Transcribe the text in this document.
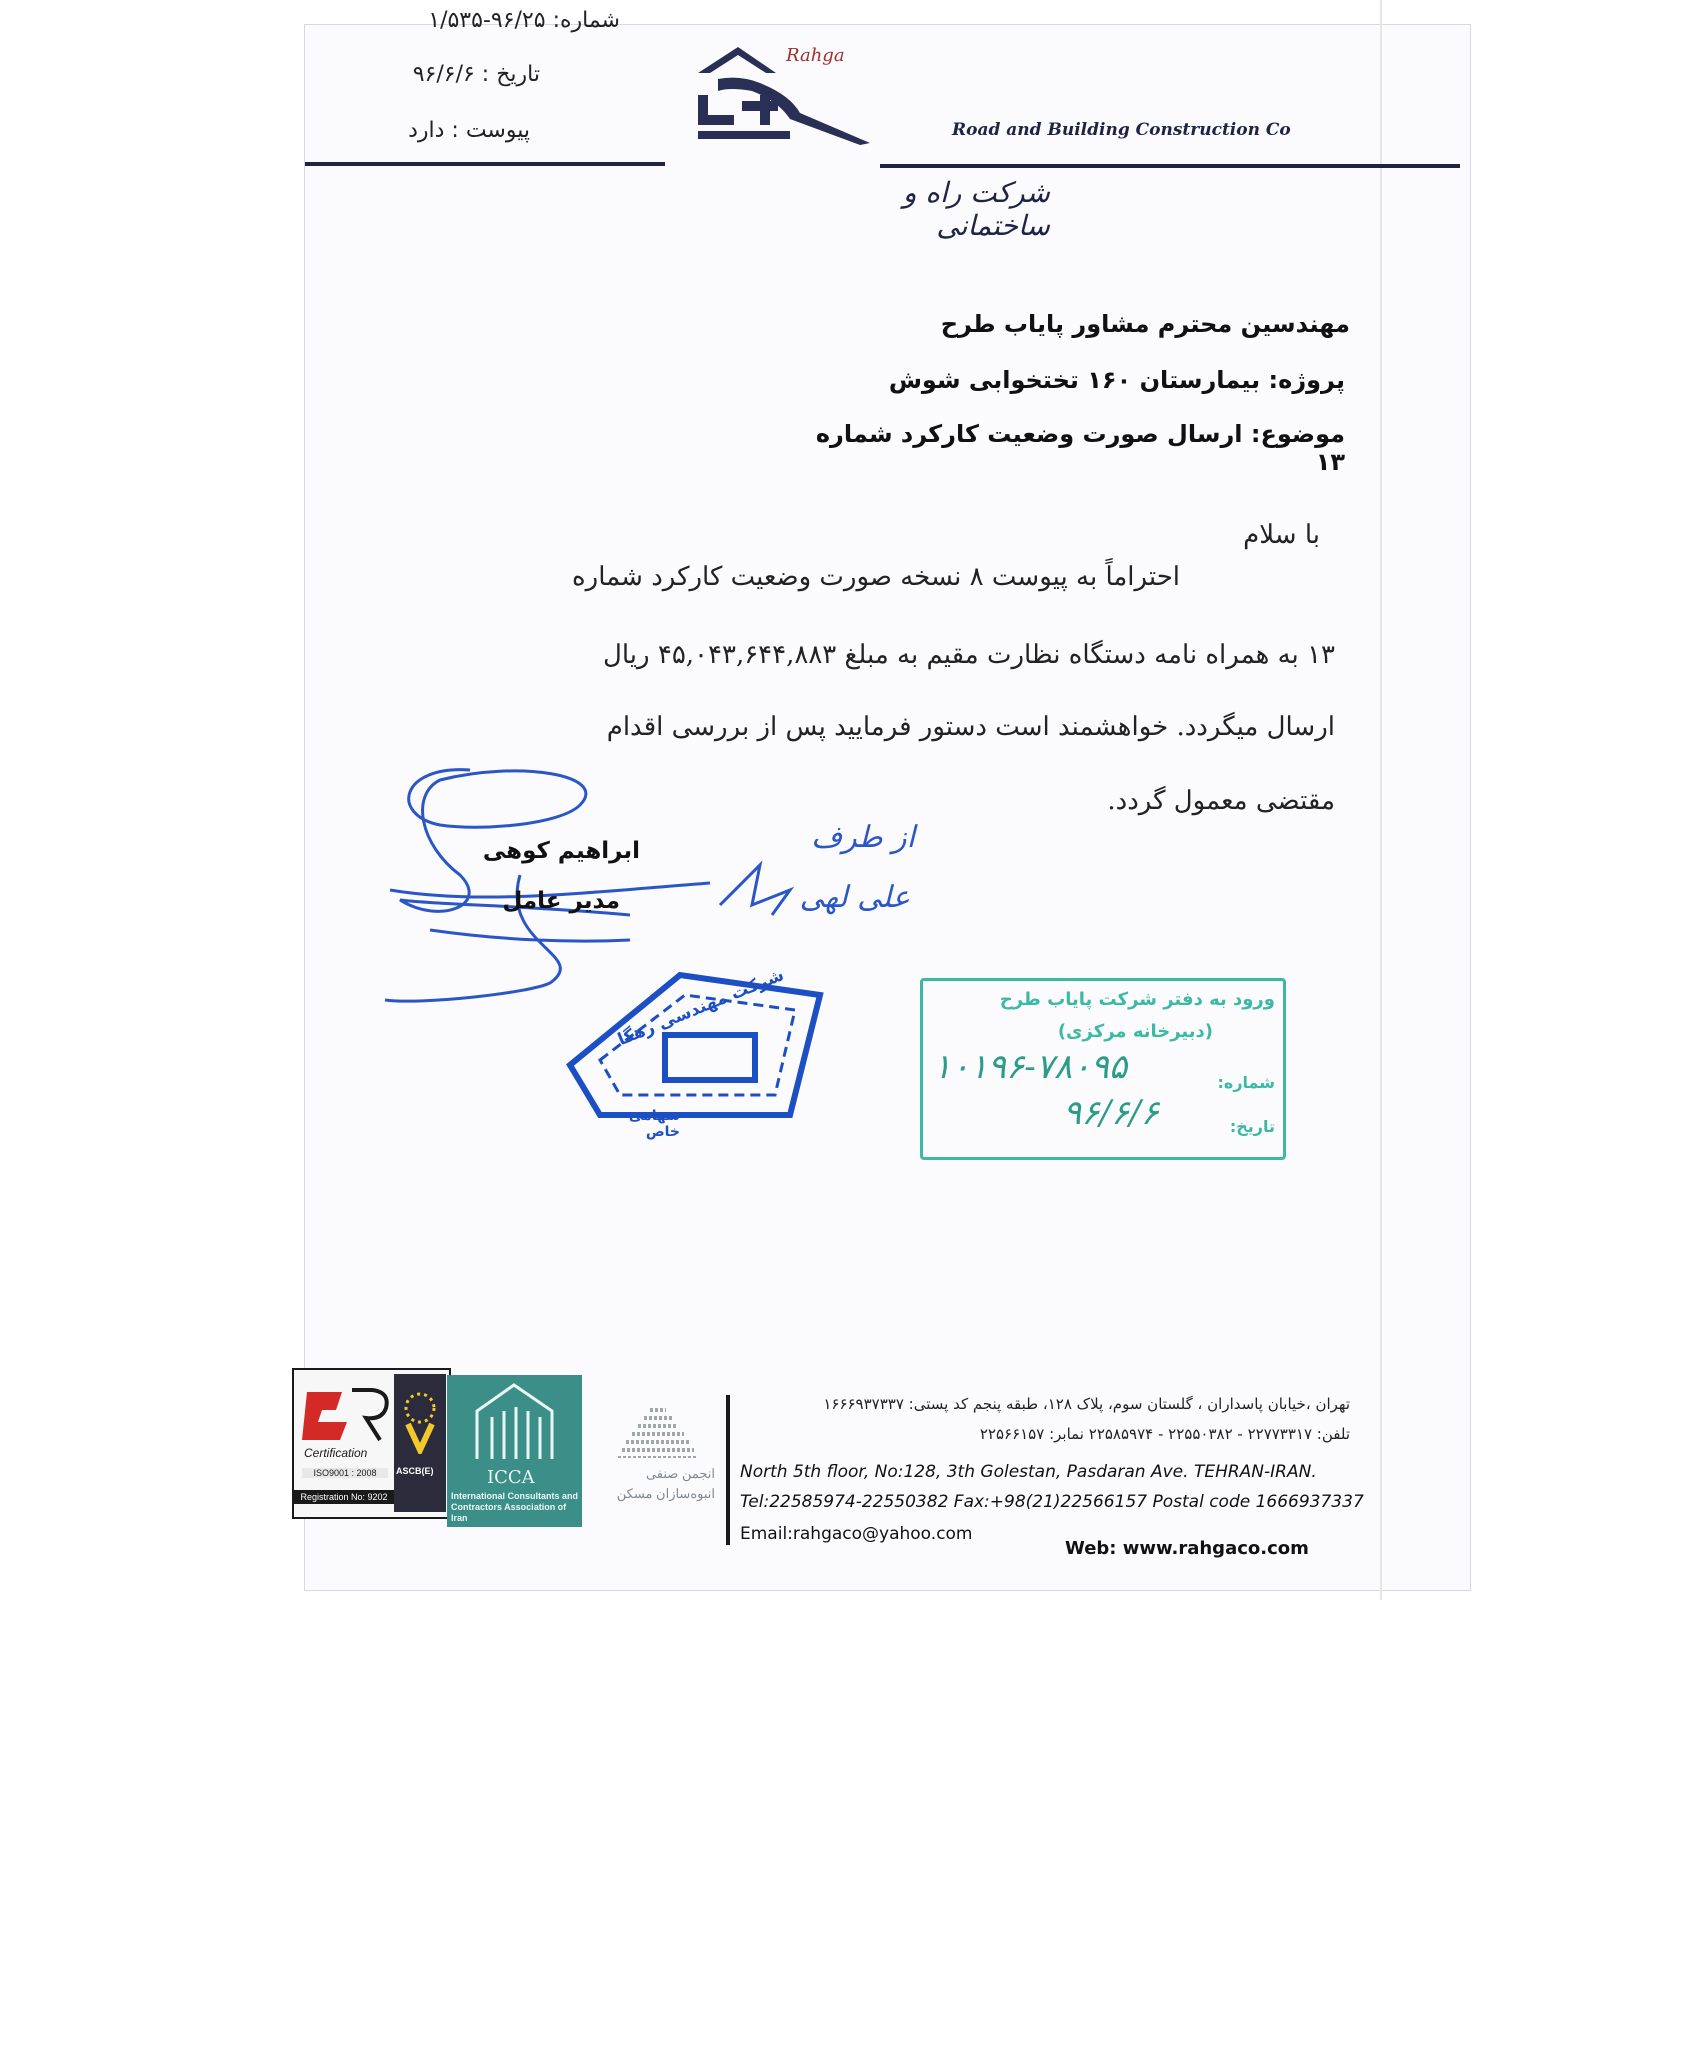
شماره: ۹۶/۲۵-۱/۵۳۵
تاریخ : ۹۶/۶/۶
پیوست : دارد
Rahga
Road and Building Construction Co
شرکت راه و ساختمانی
مهندسین محترم مشاور پایاب طرح
پروژه: بیمارستان ۱۶۰ تختخوابی شوش
موضوع: ارسال صورت وضعیت کارکرد شماره ۱۳
با سلام
احتراماً به پیوست ۸ نسخه صورت وضعیت کارکرد شماره
۱۳ به همراه نامه دستگاه نظارت مقیم به مبلغ ۴۵,۰۴۳,۶۴۴,۸۸۳ ریال
ارسال میگردد. خواهشمند است دستور فرمایید پس از بررسی اقدام
مقتضی معمول گردد.
ابراهیم کوهی
مدیر عامل
از طرف
علی لهی
شرکت مهندسی رهگا
سهامی خاص
ورود به دفتر شرکت پایاب طرح
(دبیرخانه مرکزی)
شماره:
۱۰۱۹۶-۷۸۰۹۵
تاریخ:
۹۶/۶/۶
Certification
ISO9001 : 2008
Registration No: 9202
ASCB(E)	ICCA
International Consultants and Contractors Association of Iran
انجمن صنفی
انبوه‌سازان مسکن
تهران ،خیابان پاسداران ، گلستان سوم، پلاک ۱۲۸، طبقه پنجم کد پستی: ۱۶۶۶۹۳۷۳۳۷
تلفن: ۲۲۷۷۳۳۱۷ - ۲۲۵۵۰۳۸۲ - ۲۲۵۸۵۹۷۴ نمابر: ۲۲۵۶۶۱۵۷
North 5th floor, No:128, 3th Golestan, Pasdaran Ave. TEHRAN-IRAN.
Tel:22585974-22550382 Fax:+98(21)22566157 Postal code 1666937337
Email:rahgaco@yahoo.com
Web: www.rahgaco.com
